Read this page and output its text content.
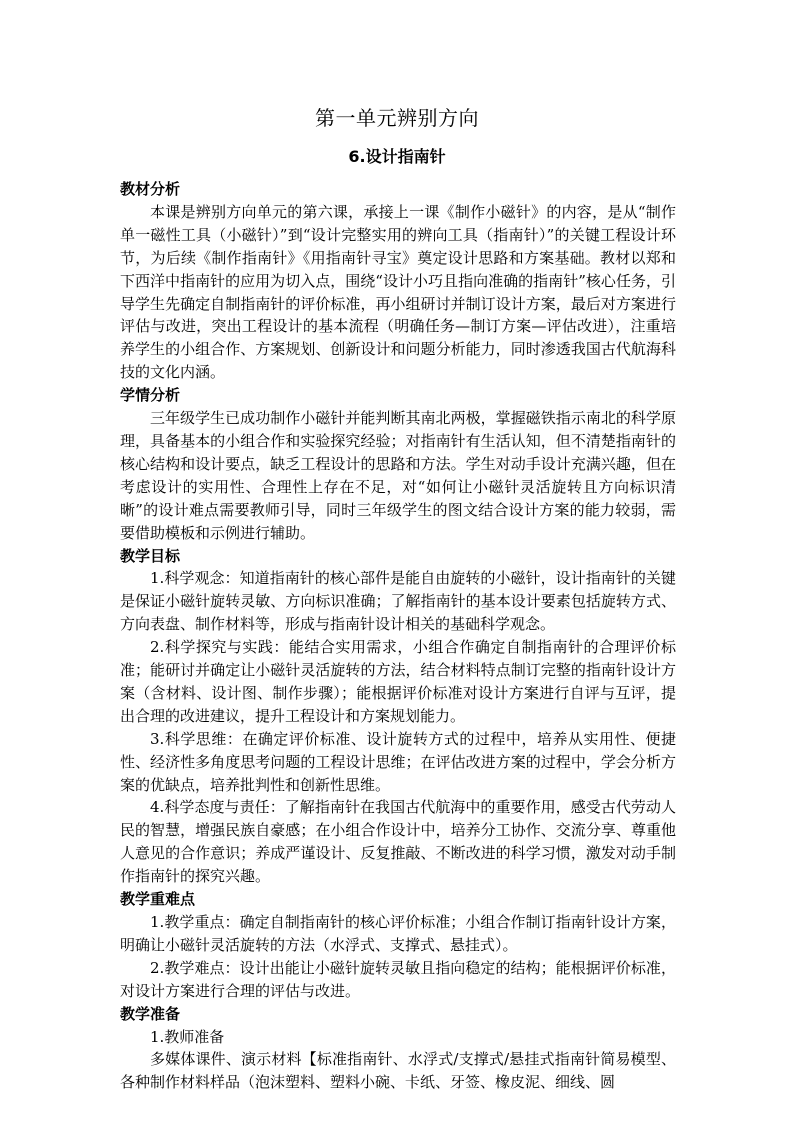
第一单元辨别方向
6.设计指南针

教材分析

本课是辨别方向单元的第六课，承接上一课《制作小磁针》的内容，是从“制作单一磁性工具（小磁针）”到“设计完整实用的辨向工具（指南针）”的关键工程设计环节，为后续《制作指南针》《用指南针寻宝》奠定设计思路和方案基础。教材以郑和下西洋中指南针的应用为切入点，围绕“设计小巧且指向准确的指南针”核心任务，引导学生先确定自制指南针的评价标准，再小组研讨并制订设计方案，最后对方案进行评估与改进，突出工程设计的基本流程（明确任务—制订方案—评估改进），注重培养学生的小组合作、方案规划、创新设计和问题分析能力，同时渗透我国古代航海科技的文化内涵。

学情分析

三年级学生已成功制作小磁针并能判断其南北两极，掌握磁铁指示南北的科学原理，具备基本的小组合作和实验探究经验；对指南针有生活认知，但不清楚指南针的核心结构和设计要点，缺乏工程设计的思路和方法。学生对动手设计充满兴趣，但在考虑设计的实用性、合理性上存在不足，对“如何让小磁针灵活旋转且方向标识清晰”的设计难点需要教师引导，同时三年级学生的图文结合设计方案的能力较弱，需要借助模板和示例进行辅助。

教学目标

1.科学观念：知道指南针的核心部件是能自由旋转的小磁针，设计指南针的关键是保证小磁针旋转灵敏、方向标识准确；了解指南针的基本设计要素包括旋转方式、方向表盘、制作材料等，形成与指南针设计相关的基础科学观念。

2.科学探究与实践：能结合实用需求，小组合作确定自制指南针的合理评价标准；能研讨并确定让小磁针灵活旋转的方法，结合材料特点制订完整的指南针设计方案（含材料、设计图、制作步骤）；能根据评价标准对设计方案进行自评与互评，提出合理的改进建议，提升工程设计和方案规划能力。

3.科学思维：在确定评价标准、设计旋转方式的过程中，培养从实用性、便捷性、经济性多角度思考问题的工程设计思维；在评估改进方案的过程中，学会分析方案的优缺点，培养批判性和创新性思维。

4.科学态度与责任：了解指南针在我国古代航海中的重要作用，感受古代劳动人民的智慧，增强民族自豪感；在小组合作设计中，培养分工协作、交流分享、尊重他人意见的合作意识；养成严谨设计、反复推敲、不断改进的科学习惯，激发对动手制作指南针的探究兴趣。

教学重难点

1.教学重点：确定自制指南针的核心评价标准；小组合作制订指南针设计方案，明确让小磁针灵活旋转的方法（水浮式、支撑式、悬挂式）。

2.教学难点：设计出能让小磁针旋转灵敏且指向稳定的结构；能根据评价标准，对设计方案进行合理的评估与改进。

教学准备

1.教师准备

多媒体课件、演示材料【标准指南针、水浮式/支撑式/悬挂式指南针简易模型、各种制作材料样品（泡沫塑料、塑料小碗、卡纸、牙签、橡皮泥、细线、圆
